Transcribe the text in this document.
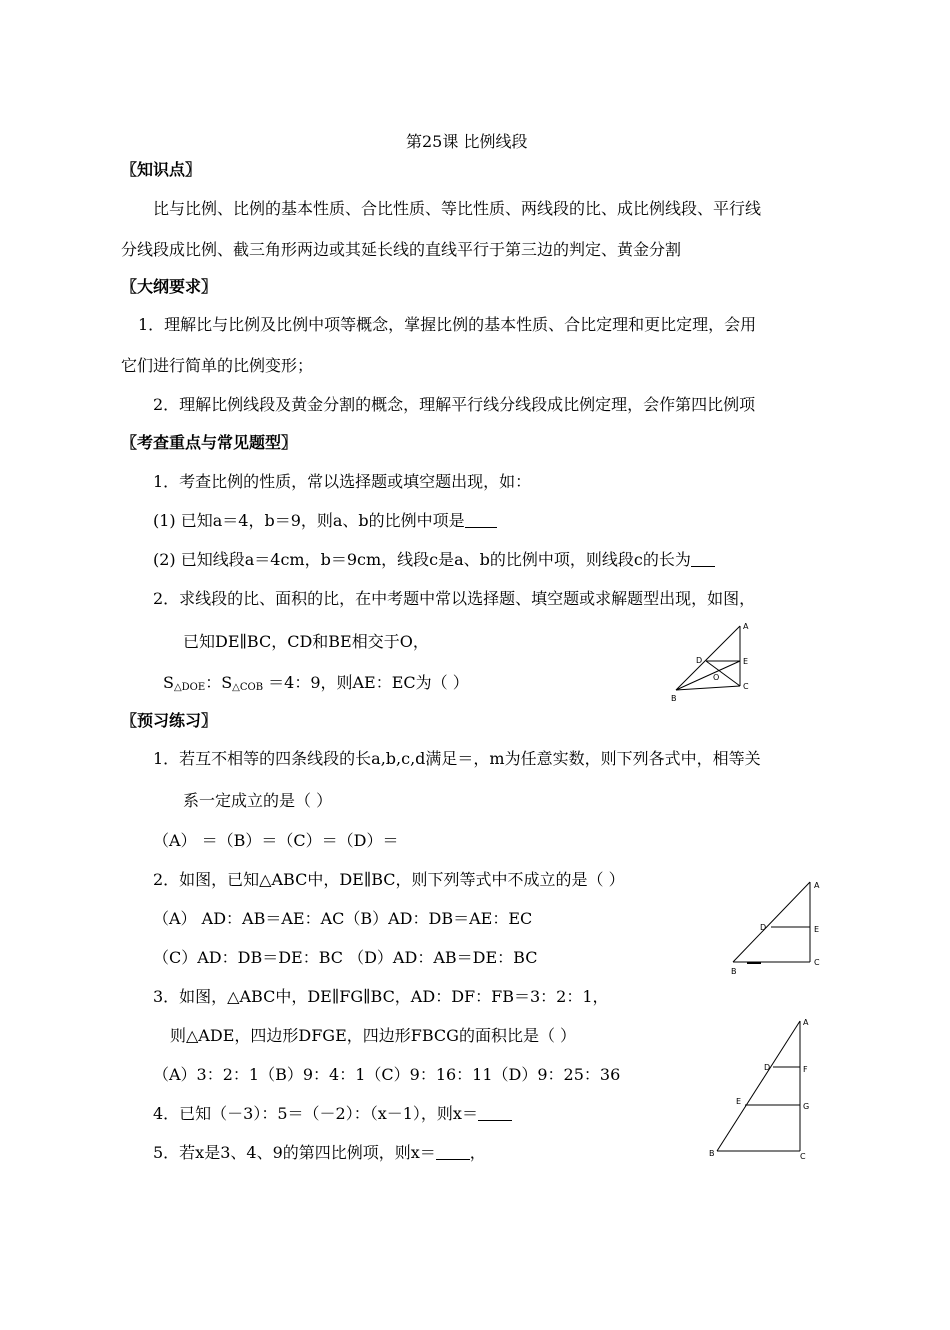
第25课 比例线段
〖知识点〗
比与比例、比例的基本性质、合比性质、等比性质、两线段的比、成比例线段、平行线
分线段成比例、截三角形两边或其延长线的直线平行于第三边的判定、黄金分割
〖大纲要求〗
1．理解比与比例及比例中项等概念，掌握比例的基本性质、合比定理和更比定理，会用
它们进行简单的比例变形；
2．理解比例线段及黄金分割的概念，理解平行线分线段成比例定理，会作第四比例项
〖考查重点与常见题型〗
1．考查比例的性质，常以选择题或填空题出现，如：
(1) 已知a＝4，b＝9，则a、b的比例中项是
(2) 已知线段a＝4cm，b＝9cm，线段c是a、b的比例中项，则线段c的长为
2．求线段的比、面积的比，在中考题中常以选择题、填空题或求解题型出现，如图，
已知DE∥BC，CD和BE相交于O，
$S_{\triangle DOE}$：$S_{\triangle COB} =4$：9，则AE：EC为（ ）
A
D	E
O
B
C
〖预习练习〗
1．若互不相等的四条线段的长a,b,c,d满足＝，m为任意实数，则下列各式中，相等关
系一定成立的是（ ）
（A） ＝（B）＝（C）＝（D）＝
2．如图，已知△ABC中，DE∥BC，则下列等式中不成立的是（ ）
（A） AD：AB＝AE：AC（B）AD：DB＝AE：EC
（C）AD：DB＝DE：BC （D）AD：AB＝DE：BC
A
D	E
B
C
3．如图，△ABC中，DE∥FG∥BC，AD：DF：FB＝3：2：1，
则△ADE，四边形DFGE，四边形FBCG的面积比是（ ）
（A）3：2：1（B）9：4：1（C）9：16：11（D）9：25：36
4．已知（－3）：5＝（－2）：（x－1），则x＝
5．若x是3、4、9的第四比例项，则x＝ ，
A
D	F
E
G
B	C
